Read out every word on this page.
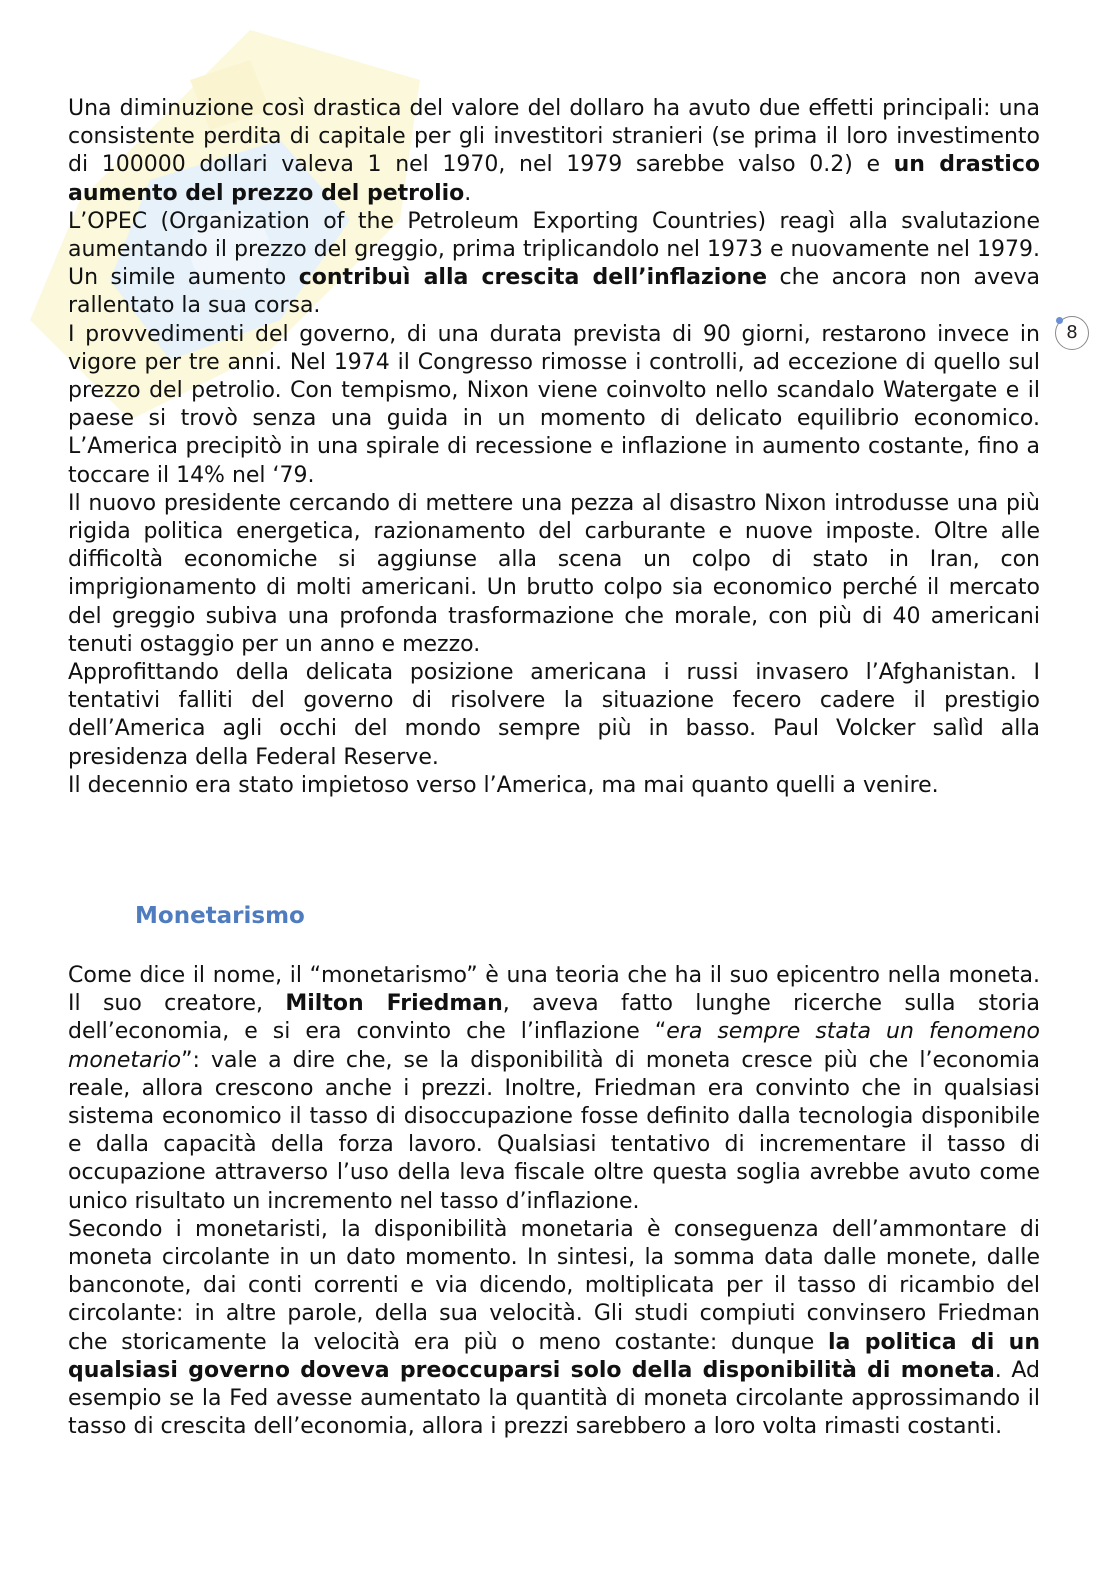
8

Una diminuzione così drastica del valore del dollaro ha avuto due effetti principali: una consistente perdita di capitale per gli investitori stranieri (se prima il loro investimento di 100000 dollari valeva 1 nel 1970, nel 1979 sarebbe valso 0.2) e un drastico aumento del prezzo del petrolio.

L’OPEC (Organization of the Petroleum Exporting Countries) reagì alla svalutazione aumentando il prezzo del greggio, prima triplicandolo nel 1973 e nuovamente nel 1979. Un simile aumento contribuì alla crescita dell’inflazione che ancora non aveva rallentato la sua corsa.

I provvedimenti del governo, di una durata prevista di 90 giorni, restarono invece in vigore per tre anni. Nel 1974 il Congresso rimosse i controlli, ad eccezione di quello sul prezzo del petrolio. Con tempismo, Nixon viene coinvolto nello scandalo Watergate e il paese si trovò senza una guida in un momento di delicato equilibrio economico. L’America precipitò in una spirale di recessione e inflazione in aumento costante, fino a toccare il 14% nel ‘79.

Il nuovo presidente cercando di mettere una pezza al disastro Nixon introdusse una più rigida politica energetica, razionamento del carburante e nuove imposte. Oltre alle difficoltà economiche si aggiunse alla scena un colpo di stato in Iran, con imprigionamento di molti americani. Un brutto colpo sia economico perché il mercato del greggio subiva una profonda trasformazione che morale, con più di 40 americani tenuti ostaggio per un anno e mezzo.

Approfittando della delicata posizione americana i russi invasero l’Afghanistan. I tentativi falliti del governo di risolvere la situazione fecero cadere il prestigio dell’America agli occhi del mondo sempre più in basso. Paul Volcker salìd alla presidenza della Federal Reserve.

Il decennio era stato impietoso verso l’America, ma mai quanto quelli a venire.

Monetarismo

Come dice il nome, il “monetarismo” è una teoria che ha il suo epicentro nella moneta. Il suo creatore, Milton Friedman, aveva fatto lunghe ricerche sulla storia dell’economia, e si era convinto che l’inflazione “era sempre stata un fenomeno monetario”: vale a dire che, se la disponibilità di moneta cresce più che l’economia reale, allora crescono anche i prezzi. Inoltre, Friedman era convinto che in qualsiasi sistema economico il tasso di disoccupazione fosse definito dalla tecnologia disponibile e dalla capacità della forza lavoro. Qualsiasi tentativo di incrementare il tasso di occupazione attraverso l’uso della leva fiscale oltre questa soglia avrebbe avuto come unico risultato un incremento nel tasso d’inflazione.

Secondo i monetaristi, la disponibilità monetaria è conseguenza dell’ammontare di moneta circolante in un dato momento. In sintesi, la somma data dalle monete, dalle banconote, dai conti correnti e via dicendo, moltiplicata per il tasso di ricambio del circolante: in altre parole, della sua velocità. Gli studi compiuti convinsero Friedman che storicamente la velocità era più o meno costante: dunque la politica di un qualsiasi governo doveva preoccuparsi solo della disponibilità di moneta. Ad esempio se la Fed avesse aumentato la quantità di moneta circolante approssimando il tasso di crescita dell’economia, allora i prezzi sarebbero a loro volta rimasti costanti.
